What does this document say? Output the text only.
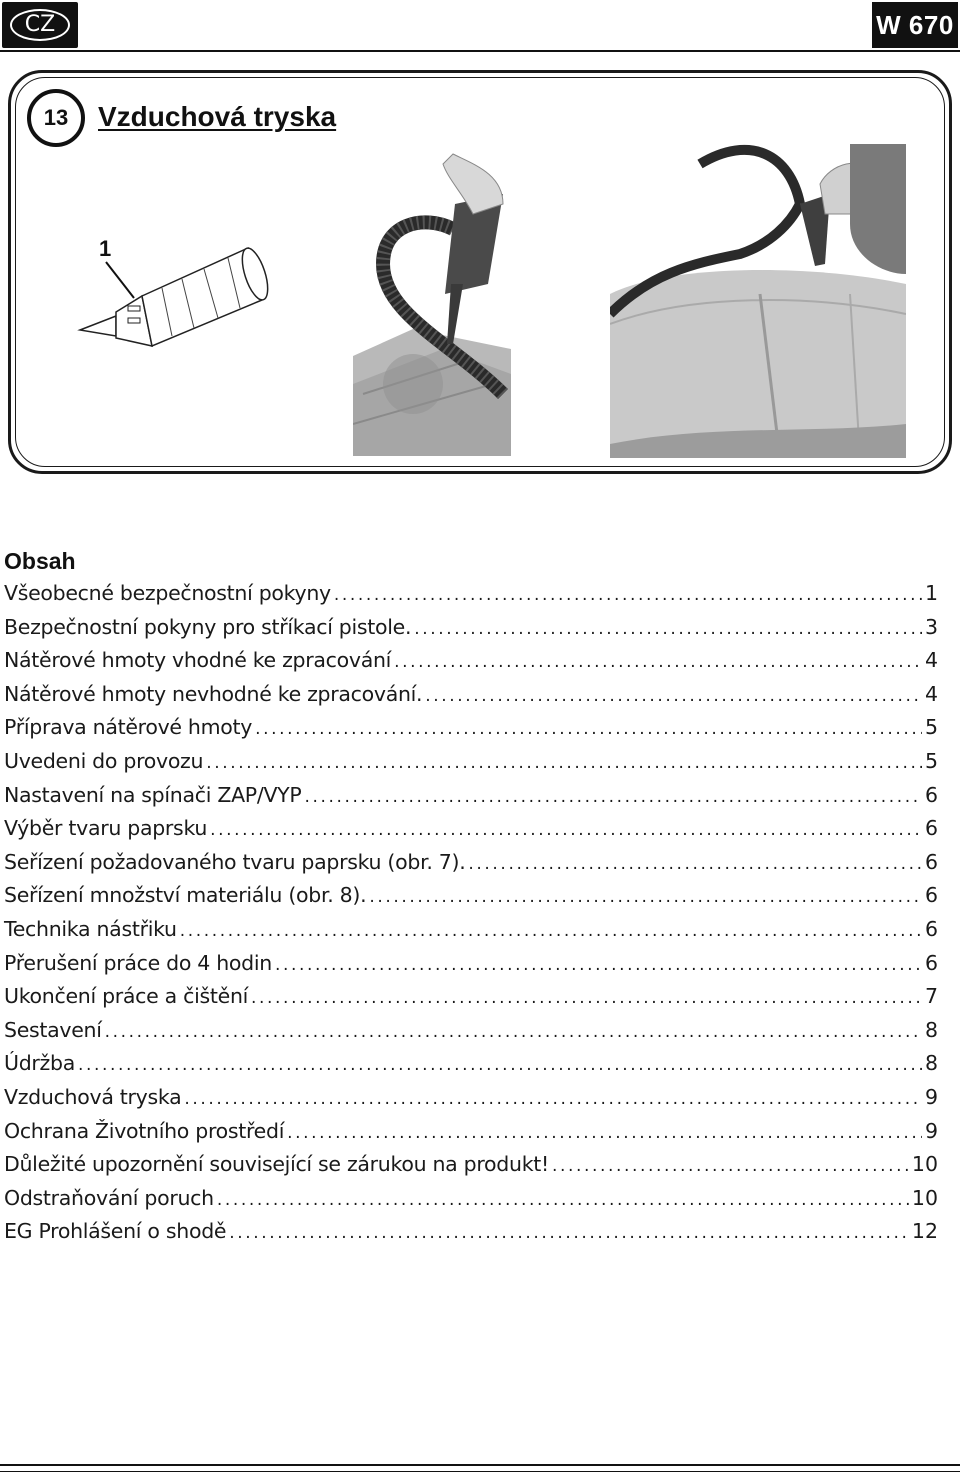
CZ	W 670
13	Vzduchová tryska
1
Obsah
Všeobecné bezpečnostní pokyny .....	1
Bezpečnostní pokyny pro stříkací pistole. .....	3
Nátěrové hmoty vhodné ke zpracování .....	4
Nátěrové hmoty nevhodné ke zpracování. .....	4
Příprava nátěrové hmoty .....	5
Uvedeni do provozu .....	5
Nastavení na spínači ZAP/VYP .....	6
Výběr tvaru paprsku .....	6
Seřízení požadovaného tvaru paprsku (obr. 7). .....	6
Seřízení množství materiálu (obr. 8). .....	6
Technika nástřiku .....	6
Přerušení práce do 4 hodin .....	6
Ukončení práce a čištění .....	7
Sestavení .....	8
Údržba .....	8
Vzduchová tryska .....	9
Ochrana Životního prostředí .....	9
Důležité upozornění související se zárukou na produkt! .....	10
Odstraňování poruch .....	10
EG Prohlášení o shodě .....	12
